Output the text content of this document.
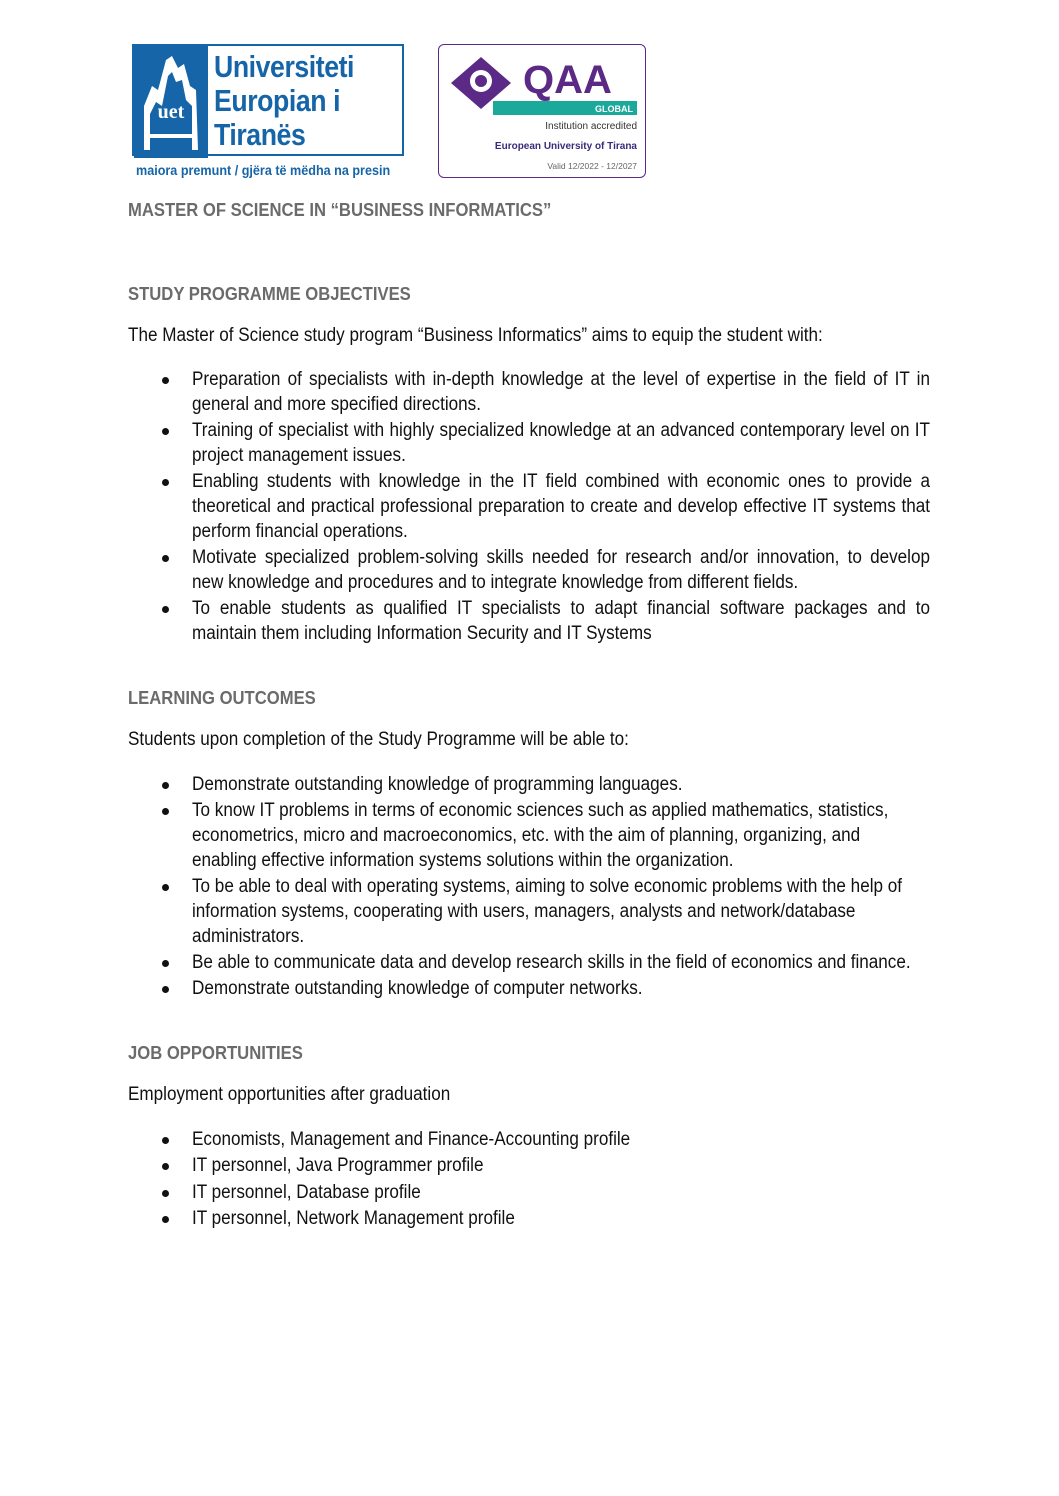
uet
Universiteti
Europian i
Tiranës
maiora premunt / gjëra të mëdha na presin
QAA
GLOBAL
Institution accredited
European University of Tirana
Valid 12/2022 - 12/2027
MASTER OF SCIENCE IN “BUSINESS INFORMATICS”
STUDY PROGRAMME OBJECTIVES

The Master of Science study program “Business Informatics” aims to equip the student with:

Preparation of specialists with in-depth knowledge at the level of expertise in the field of IT in general and more specified directions.
Training of specialist with highly specialized knowledge at an advanced contemporary level on IT project management issues.
Enabling students with knowledge in the IT field combined with economic ones to provide a theoretical and practical professional preparation to create and develop effective IT systems that perform financial operations.
Motivate specialized problem-solving skills needed for research and/or innovation, to develop new knowledge and procedures and to integrate knowledge from different fields.
To enable students as qualified IT specialists to adapt financial software packages and to maintain them including Information Security and IT Systems
LEARNING OUTCOMES

Students upon completion of the Study Programme will be able to:

Demonstrate outstanding knowledge of programming languages.
To know IT problems in terms of economic sciences such as applied mathematics, statistics, econometrics, micro and macroeconomics, etc. with the aim of planning, organizing, and enabling effective information systems solutions within the organization.
To be able to deal with operating systems, aiming to solve economic problems with the help of information systems, cooperating with users, managers, analysts and network/database administrators.
Be able to communicate data and develop research skills in the field of economics and finance.
Demonstrate outstanding knowledge of computer networks.
JOB OPPORTUNITIES

Employment opportunities after graduation

Economists, Management and Finance-Accounting profile
IT personnel, Java Programmer profile
IT personnel, Database profile
IT personnel, Network Management profile
